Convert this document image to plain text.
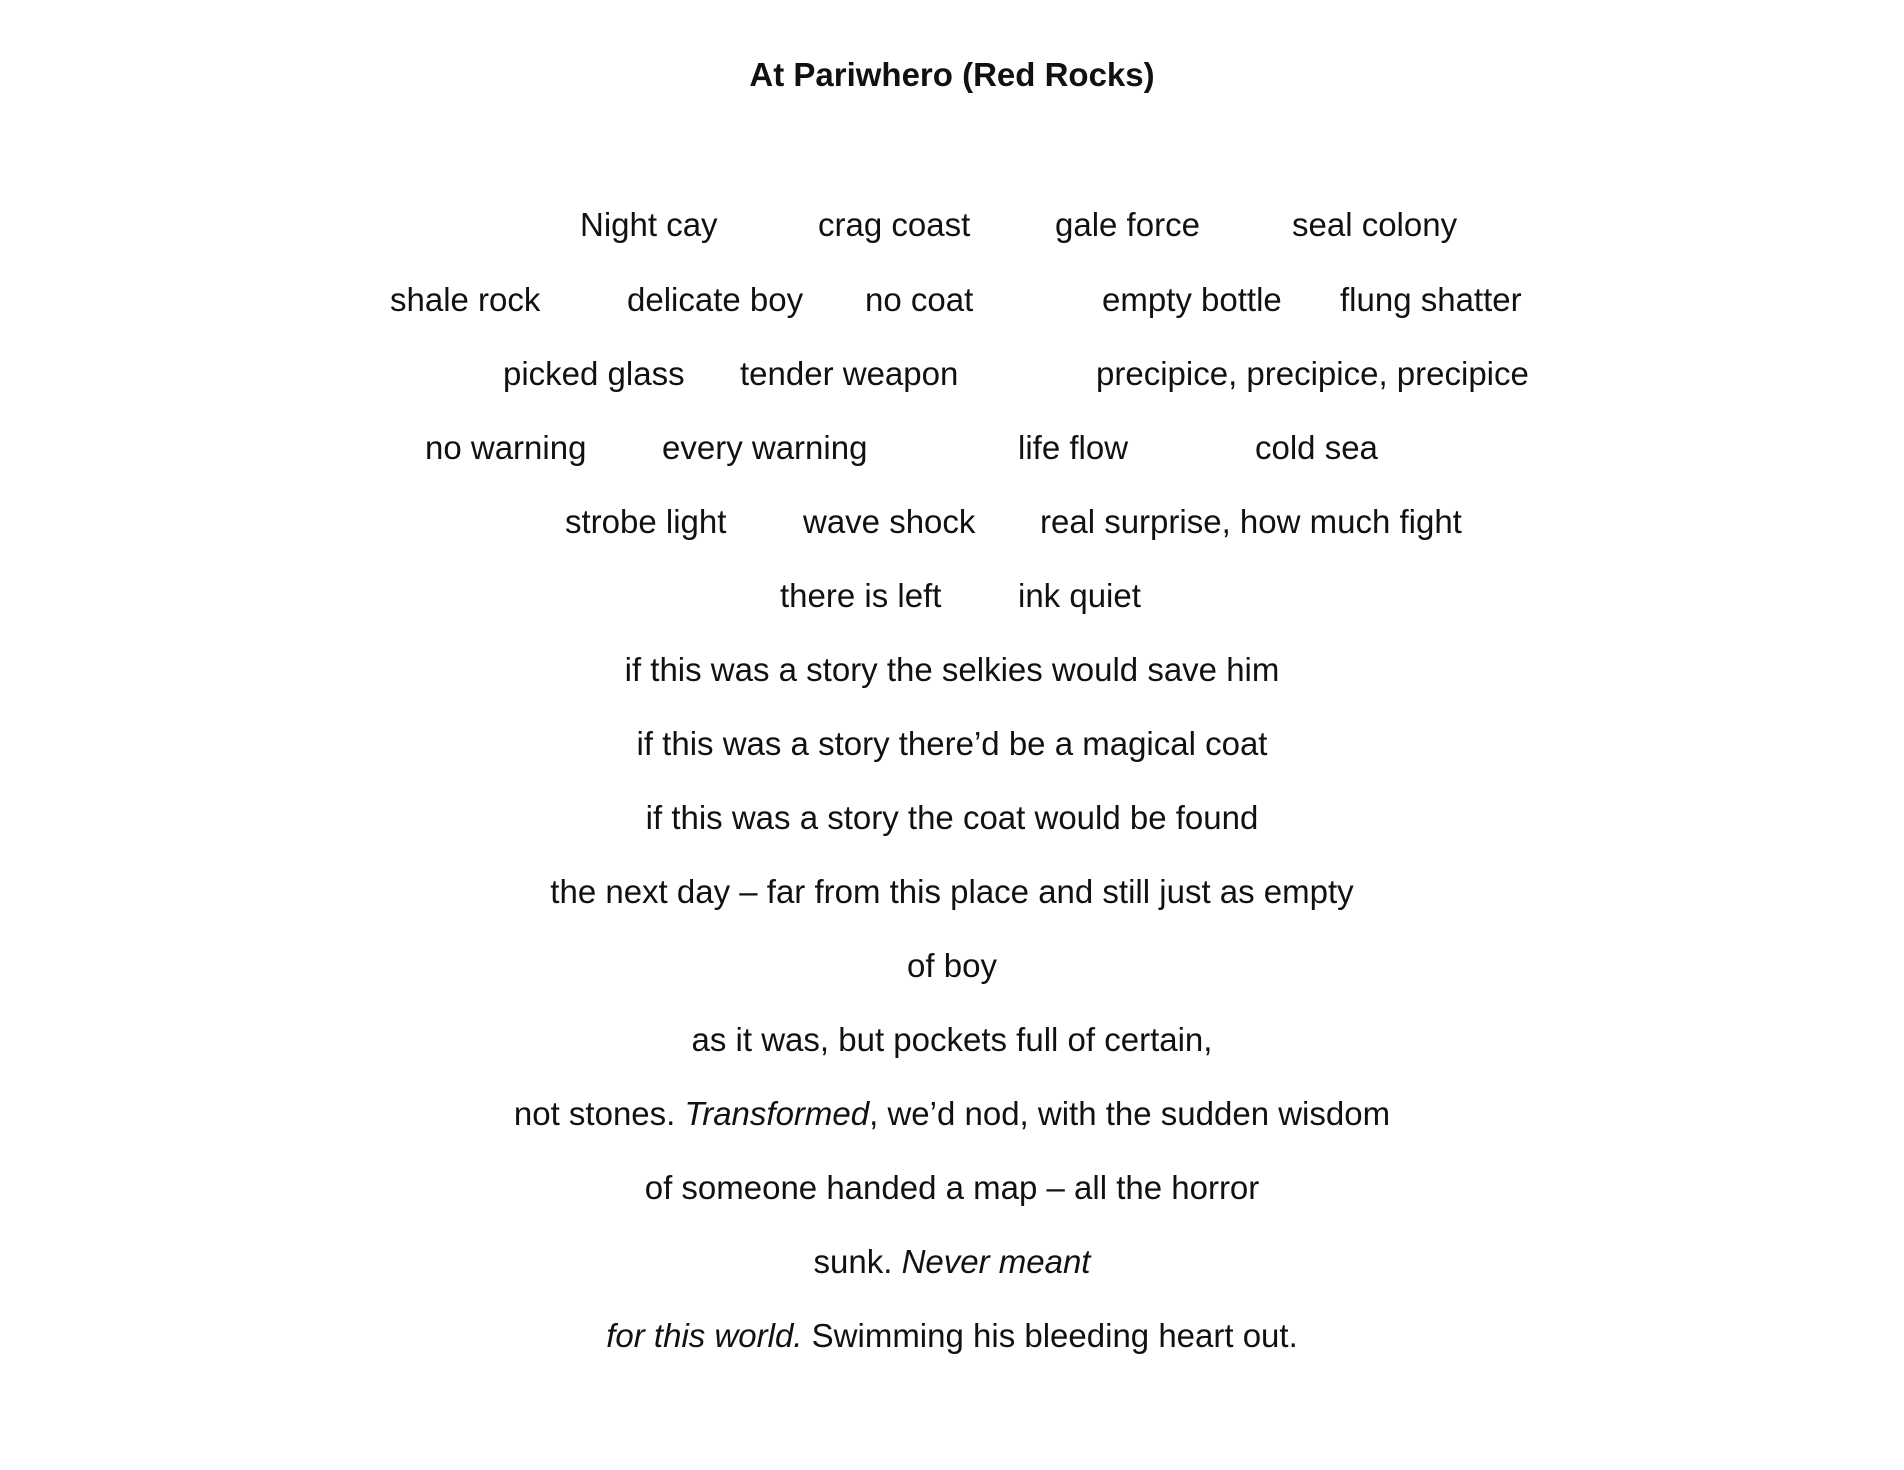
At Pariwhero (Red Rocks)
Night cay	crag coast	gale force	seal colony
shale rock	delicate boy no coat	empty bottle flung shatter
picked glass tender weapon	precipice, precipice, precipice
no warning every warning	life flow	cold sea
strobe light wave shock real surprise, how much fight
there is left ink quiet
if this was a story the selkies would save him
if this was a story there’d be a magical coat
if this was a story the coat would be found
the next day – far from this place and still just as empty
of boy
as it was, but pockets full of certain,
not stones. Transformed, we’d nod, with the sudden wisdom
of someone handed a map – all the horror
sunk. Never meant
for this world. Swimming his bleeding heart out.
